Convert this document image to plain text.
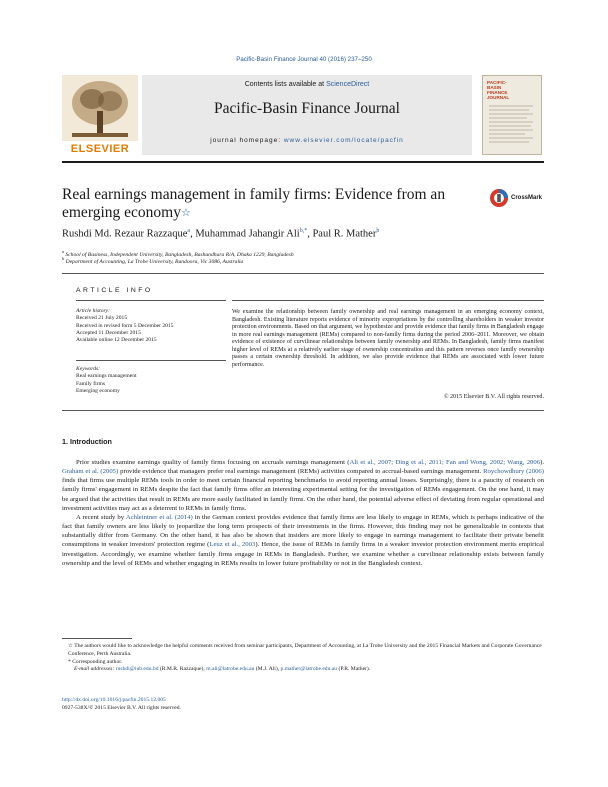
Pacific-Basin Finance Journal 40 (2016) 237–250
ELSEVIER
Contents lists available at ScienceDirect
Pacific-Basin Finance Journal
journal homepage: www.elsevier.com/locate/pacfin
PACIFIC-
BASIN
FINANCE
JOURNAL
Real earnings management in family firms: Evidence from an
emerging economy☆
CrossMark
Rushdi Md. Rezaur Razzaque$^a$, Muhammad Jahangir Ali$^{b,*}$, Paul R. Mather$^b$
$^a$ School of Business, Independent University, Bangladesh, Bashundhara R/A, Dhaka 1229, Bangladesh
$^b$ Department of Accounting, La Trobe University, Bundoora, Vic 3086, Australia
ARTICLE INFO
Article history:
Received 21 July 2015
Received in revised form 5 December 2015
Accepted 11 December 2015
Available online 12 December 2015
Keywords:
Real earnings management
Family firms
Emerging economy
We examine the relationship between family ownership and real earnings management in an emerging economy context, Bangladesh. Existing literature reports evidence of minority expropriations by the controlling shareholders in weaker investor protection environments. Based on that argument, we hypothesize and provide evidence that family firms in Bangladesh engage in more real earnings management (REMs) compared to non-family firms during the period 2006–2011. Moreover, we obtain evidence of existence of curvilinear relationships between family ownership and REMs. In Bangladesh, family firms manifest higher level of REMs at a relatively earlier stage of ownership concentration and this pattern reverses once family ownership passes a certain ownership threshold. In addition, we also provide evidence that REMs are associated with lower future performance.
© 2015 Elsevier B.V. All rights reserved.
1. Introduction

Prior studies examine earnings quality of family firms focusing on accruals earnings management (Ali et al., 2007; Ding et al., 2011; Fan and Wong, 2002; Wang, 2006). Graham et al. (2005) provide evidence that managers prefer real earnings management (REMs) activities compared to accrual-based earnings management. Roychowdhury (2006) finds that firms use multiple REMs tools in order to meet certain financial reporting benchmarks to avoid reporting annual losses. Surprisingly, there is a paucity of research on family firms' engagement in REMs despite the fact that family firms offer an interesting experimental setting for the investigation of REMs engagement. On the one hand, it may be argued that the activities that result in REMs are more easily facilitated in family firms. On the other hand, the potential adverse effect of deviating from regular operational and investment activities may act as a deterrent to REMs in family firms.

A recent study by Achleintner et al. (2014) in the German context provides evidence that family firms are less likely to engage in REMs, which is perhaps indicative of the fact that family owners are less likely to jeopardize the long term prospects of their investments in the firms. However, this finding may not be generalizable in contexts that substantially differ from Germany. On the other hand, it has also be shown that insiders are more likely to engage in earnings management to facilitate their private benefit consumptions in weaker investors' protection regime (Leuz et al., 2003). Hence, the issue of REMs in family firms in a weaker investor protection environment merits empirical investigation. Accordingly, we examine whether family firms engage in REMs in Bangladesh. Further, we examine whether a curvilinear relationship exists between family ownership and the level of REMs and whether engaging in REMs results in lower future profitability or not in the Bangladesh context.

☆ The authors would like to acknowledge the helpful comments received from seminar participants, Department of Accounting, at La Trobe University and the 2015 Financial Markets and Corporate Governance Conference, Perth Australia.

* Corresponding author.

E-mail addresses: rushdi@iub.edu.bd (R.M.R. Razzaque), m.ali@latrobe.edu.au (M.J. Ali), p.mather@latrobe.edu.au (P.R. Mather).

http://dx.doi.org/10.1016/j.pacfin.2015.12.005
0927-538X/© 2015 Elsevier B.V. All rights reserved.
